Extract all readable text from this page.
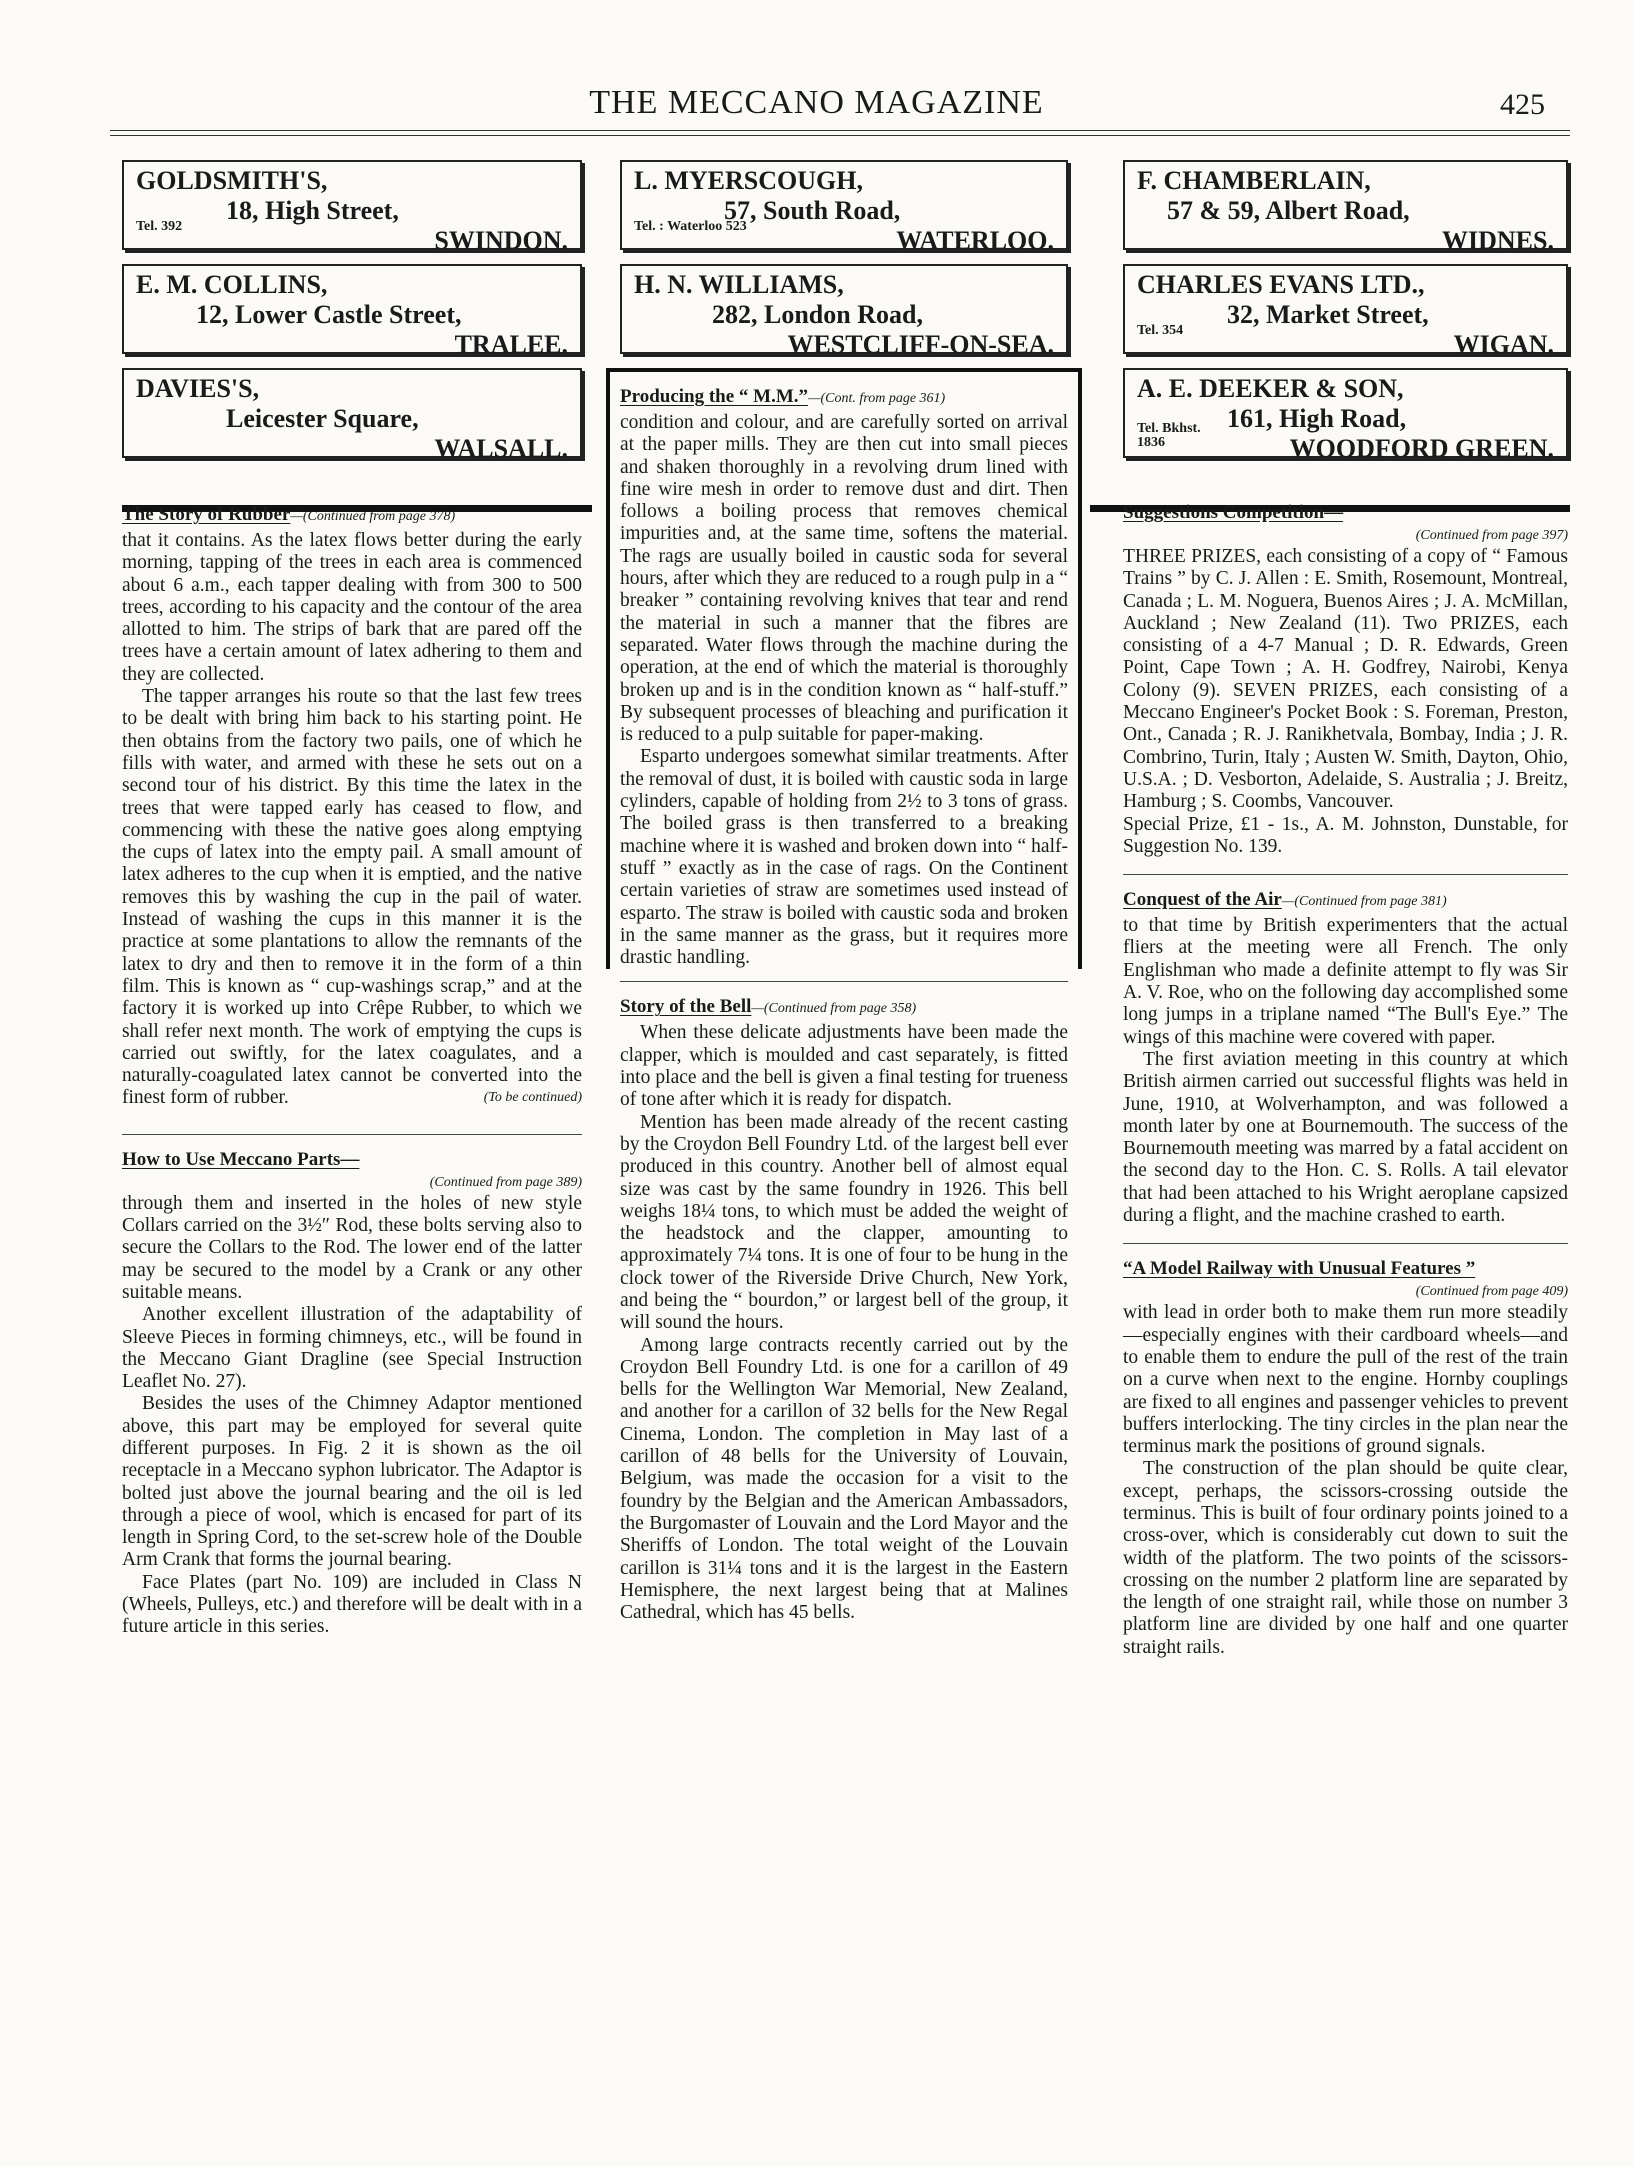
THE MECCANO MAGAZINE	425
GOLDSMITH'S,
18, High Street,
SWINDON.
Tel. 392
E. M. COLLINS,
12, Lower Castle Street,
TRALEE.
DAVIES'S,
Leicester Square,
WALSALL.
The Story of Rubber—(Continued from page 378)

that it contains. As the latex flows better during the early morning, tapping of the trees in each area is commenced about 6 a.m., each tapper dealing with from 300 to 500 trees, according to his capacity and the contour of the area allotted to him. The strips of bark that are pared off the trees have a certain amount of latex adhering to them and they are collected.

The tapper arranges his route so that the last few trees to be dealt with bring him back to his starting point. He then obtains from the factory two pails, one of which he fills with water, and armed with these he sets out on a second tour of his district. By this time the latex in the trees that were tapped early has ceased to flow, and commencing with these the native goes along emptying the cups of latex into the empty pail. A small amount of latex adheres to the cup when it is emptied, and the native removes this by washing the cup in the pail of water. Instead of washing the cups in this manner it is the practice at some plantations to allow the remnants of the latex to dry and then to remove it in the form of a thin film. This is known as “ cup-washings scrap,” and at the factory it is worked up into Crêpe Rubber, to which we shall refer next month. The work of emptying the cups is carried out swiftly, for the latex coagulates, and a naturally-coagulated latex cannot be converted into the finest form of rubber.	(To be continued)

How to Use Meccano Parts—
(Continued from page 389)

through them and inserted in the holes of new style Collars carried on the 3½″ Rod, these bolts serving also to secure the Collars to the Rod. The lower end of the latter may be secured to the model by a Crank or any other suitable means.

Another excellent illustration of the adaptability of Sleeve Pieces in forming chimneys, etc., will be found in the Meccano Giant Dragline (see Special Instruction Leaflet No. 27).

Besides the uses of the Chimney Adaptor mentioned above, this part may be employed for several quite different purposes. In Fig. 2 it is shown as the oil receptacle in a Meccano syphon lubricator. The Adaptor is bolted just above the journal bearing and the oil is led through a piece of wool, which is encased for part of its length in Spring Cord, to the set-screw hole of the Double Arm Crank that forms the journal bearing.

Face Plates (part No. 109) are included in Class N (Wheels, Pulleys, etc.) and therefore will be dealt with in a future article in this series.

L. MYERSCOUGH,
57, South Road,
WATERLOO.
Tel. : Waterloo 523
H. N. WILLIAMS,
282, London Road,
WESTCLIFF-ON-SEA.
Producing the “ M.M.”—(Cont. from page 361)

condition and colour, and are carefully sorted on arrival at the paper mills. They are then cut into small pieces and shaken thoroughly in a revolving drum lined with fine wire mesh in order to remove dust and dirt. Then follows a boiling process that removes chemical impurities and, at the same time, softens the material. The rags are usually boiled in caustic soda for several hours, after which they are reduced to a rough pulp in a “ breaker ” containing revolving knives that tear and rend the material in such a manner that the fibres are separated. Water flows through the machine during the operation, at the end of which the material is thoroughly broken up and is in the condition known as “ half-stuff.” By subsequent processes of bleaching and purification it is reduced to a pulp suitable for paper-making.

Esparto undergoes somewhat similar treatments. After the removal of dust, it is boiled with caustic soda in large cylinders, capable of holding from 2½ to 3 tons of grass. The boiled grass is then transferred to a breaking machine where it is washed and broken down into “ half-stuff ” exactly as in the case of rags. On the Continent certain varieties of straw are sometimes used instead of esparto. The straw is boiled with caustic soda and broken in the same manner as the grass, but it requires more drastic handling.

Story of the Bell—(Continued from page 358)

When these delicate adjustments have been made the clapper, which is moulded and cast separately, is fitted into place and the bell is given a final testing for trueness of tone after which it is ready for dispatch.

Mention has been made already of the recent casting by the Croydon Bell Foundry Ltd. of the largest bell ever produced in this country. Another bell of almost equal size was cast by the same foundry in 1926. This bell weighs 18¼ tons, to which must be added the weight of the headstock and the clapper, amounting to approximately 7¼ tons. It is one of four to be hung in the clock tower of the Riverside Drive Church, New York, and being the “ bourdon,” or largest bell of the group, it will sound the hours.

Among large contracts recently carried out by the Croydon Bell Foundry Ltd. is one for a carillon of 49 bells for the Wellington War Memorial, New Zealand, and another for a carillon of 32 bells for the New Regal Cinema, London. The completion in May last of a carillon of 48 bells for the University of Louvain, Belgium, was made the occasion for a visit to the foundry by the Belgian and the American Ambassadors, the Burgomaster of Louvain and the Lord Mayor and the Sheriffs of London. The total weight of the Louvain carillon is 31¼ tons and it is the largest in the Eastern Hemisphere, the next largest being that at Malines Cathedral, which has 45 bells.

F. CHAMBERLAIN,
57 & 59, Albert Road,
WIDNES.
CHARLES EVANS LTD.,
32, Market Street,
WIGAN.
Tel. 354
A. E. DEEKER & SON,
161, High Road,
WOODFORD GREEN.
Tel. Bkhst. 1836
Suggestions Competition—
(Continued from page 397)

THREE PRIZES, each consisting of a copy of “ Famous Trains ” by C. J. Allen : E. Smith, Rosemount, Montreal, Canada ; L. M. Noguera, Buenos Aires ; J. A. McMillan, Auckland ; New Zealand (11). Two PRIZES, each consisting of a 4-7 Manual ; D. R. Edwards, Green Point, Cape Town ; A. H. Godfrey, Nairobi, Kenya Colony (9). SEVEN PRIZES, each consisting of a Meccano Engineer's Pocket Book : S. Foreman, Preston, Ont., Canada ; R. J. Ranikhetvala, Bombay, India ; J. R. Combrino, Turin, Italy ; Austen W. Smith, Dayton, Ohio, U.S.A. ; D. Vesborton, Adelaide, S. Australia ; J. Breitz, Hamburg ; S. Coombs, Vancouver.

Special Prize, £1 - 1s., A. M. Johnston, Dunstable, for Suggestion No. 139.

Conquest of the Air—(Continued from page 381)

to that time by British experimenters that the actual fliers at the meeting were all French. The only Englishman who made a definite attempt to fly was Sir A. V. Roe, who on the following day accomplished some long jumps in a triplane named “The Bull's Eye.” The wings of this machine were covered with paper.

The first aviation meeting in this country at which British airmen carried out successful flights was held in June, 1910, at Wolverhampton, and was followed a month later by one at Bournemouth. The success of the Bournemouth meeting was marred by a fatal accident on the second day to the Hon. C. S. Rolls. A tail elevator that had been attached to his Wright aeroplane capsized during a flight, and the machine crashed to earth.

“A Model Railway with Unusual Features ”
(Continued from page 409)

with lead in order both to make them run more steadily—especially engines with their cardboard wheels—and to enable them to endure the pull of the rest of the train on a curve when next to the engine. Hornby couplings are fixed to all engines and passenger vehicles to prevent buffers interlocking. The tiny circles in the plan near the terminus mark the positions of ground signals.

The construction of the plan should be quite clear, except, perhaps, the scissors-crossing outside the terminus. This is built of four ordinary points joined to a cross-over, which is considerably cut down to suit the width of the platform. The two points of the scissors-crossing on the number 2 platform line are separated by the length of one straight rail, while those on number 3 platform line are divided by one half and one quarter straight rails.
